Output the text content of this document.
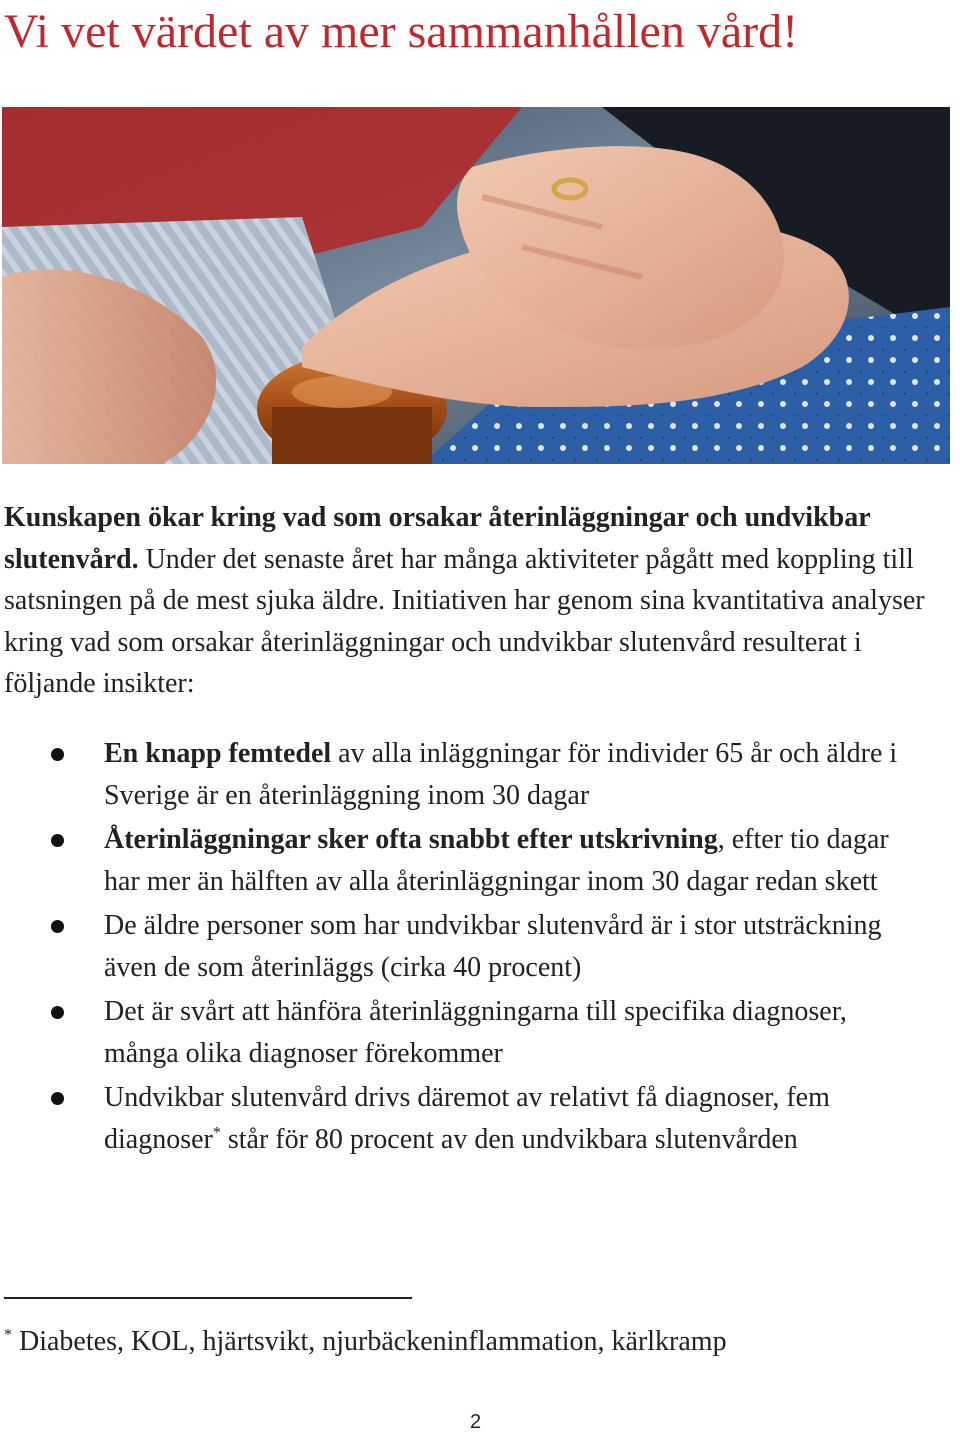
Vi vet värdet av mer sammanhållen vård!

Kunskapen ökar kring vad som orsakar återinläggningar och undvikbar slutenvård. Under det senaste året har många aktiviteter pågått med koppling till satsningen på de mest sjuka äldre. Initiativen har genom sina kvantitativa analyser kring vad som orsakar återinläggningar och undvikbar slutenvård resulterat i följande insikter:

En knapp femtedel av alla inläggningar för individer 65 år och äldre i Sverige är en återinläggning inom 30 dagar
Återinläggningar sker ofta snabbt efter utskrivning, efter tio dagar har mer än hälften av alla återinläggningar inom 30 dagar redan skett
De äldre personer som har undvikbar slutenvård är i stor utsträckning även de som återinläggs (cirka 40 procent)
Det är svårt att hänföra återinläggningarna till specifika diagnoser, många olika diagnoser förekommer
Undvikbar slutenvård drivs däremot av relativt få diagnoser, fem diagnoser* står för 80 procent av den undvikbara slutenvården

* Diabetes, KOL, hjärtsvikt, njurbäckeninflammation, kärlkramp

2
